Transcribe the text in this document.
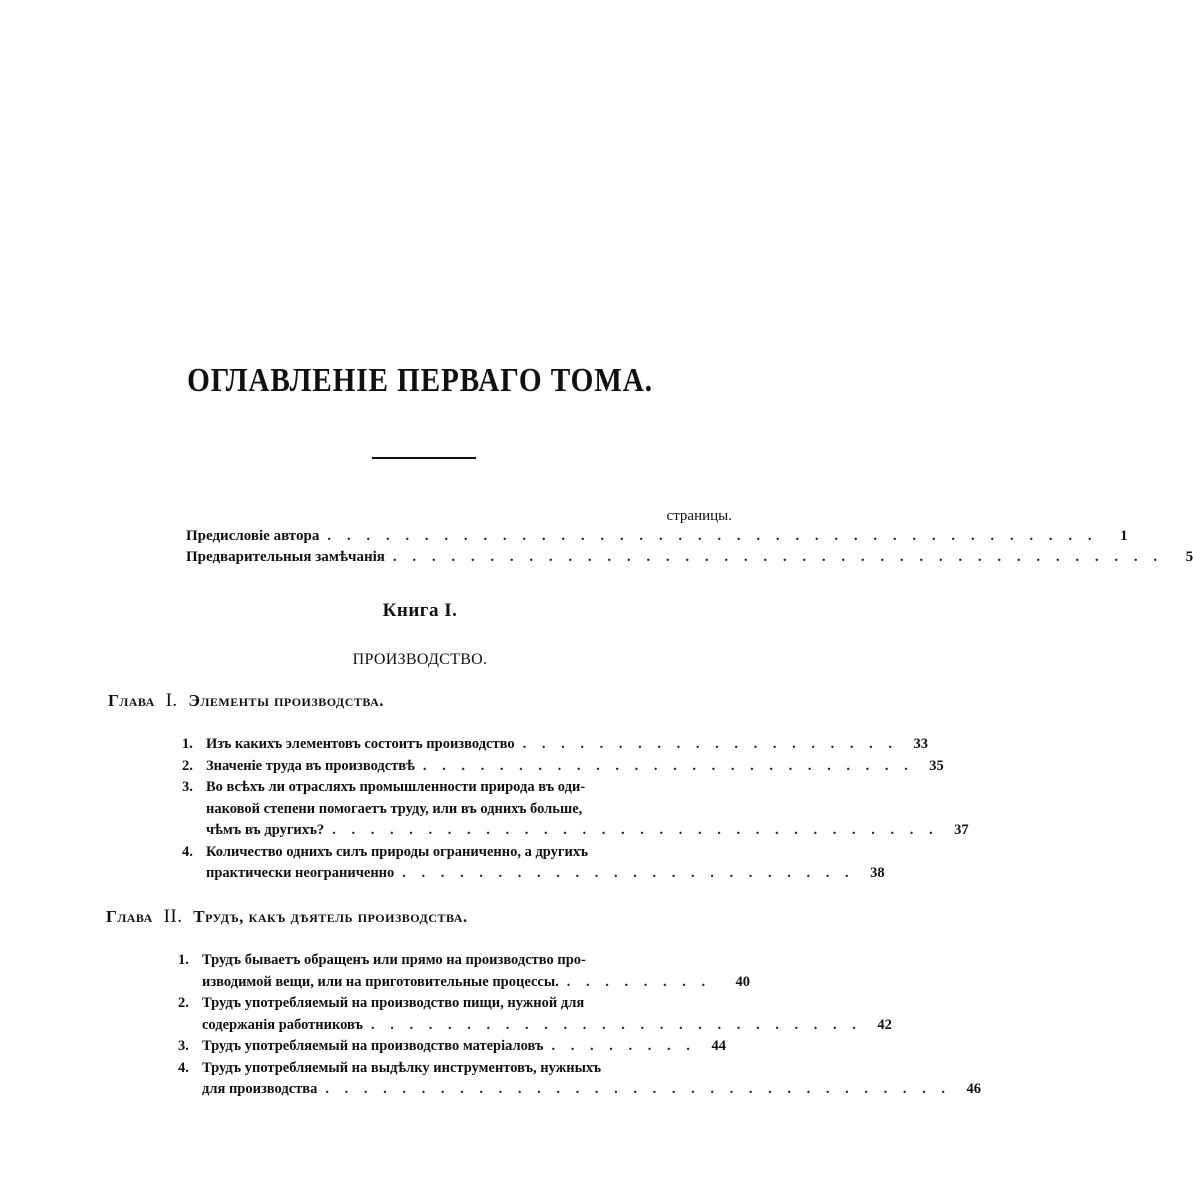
ОГЛАВЛЕНІЕ ПЕРВАГО ТОМА.
страницы.
Предисловіе автора . . . . . . . . . . . . . . . . . . . . . . . . . . . . . . . . . . . . . . . .	1
Предварительныя замѣчанія . . . . . . . . . . . . . . . . . . . . . . . . . . . . . . . . . . . . . . . .	5
Книга I.
ПРОИЗВОДСТВО.
Глава I. Элементы производства.
1. Изъ какихъ элементовъ состоитъ производство . . . . . . . . . . . . . . . . . . . .	33
2. Значеніе труда въ производствѣ . . . . . . . . . . . . . . . . . . . . . . . . . .	35
3. Во всѣхъ ли отрасляхъ промышленности природа въ оди-
наковой степени помогаетъ труду, или въ однихъ больше,
чѣмъ въ другихъ? . . . . . . . . . . . . . . . . . . . . . . . . . . . . . . . .	37
4. Количество однихъ силъ природы ограниченно, а другихъ
практически неограниченно . . . . . . . . . . . . . . . . . . . . . . . .	38
Глава II. Трудъ, какъ дѣятель производства.
1. Трудъ бываетъ обращенъ или прямо на производство про-
изводимой вещи, или на приготовительные процессы. . . . . . . . .	40
2. Трудъ употребляемый на производство пищи, нужной для
содержанія работниковъ . . . . . . . . . . . . . . . . . . . . . . . . . .	42
3. Трудъ употребляемый на производство матеріаловъ . . . . . . . .	44
4. Трудъ употребляемый на выдѣлку инструментовъ, нужныхъ
для производства . . . . . . . . . . . . . . . . . . . . . . . . . . . . . . . . .	46
